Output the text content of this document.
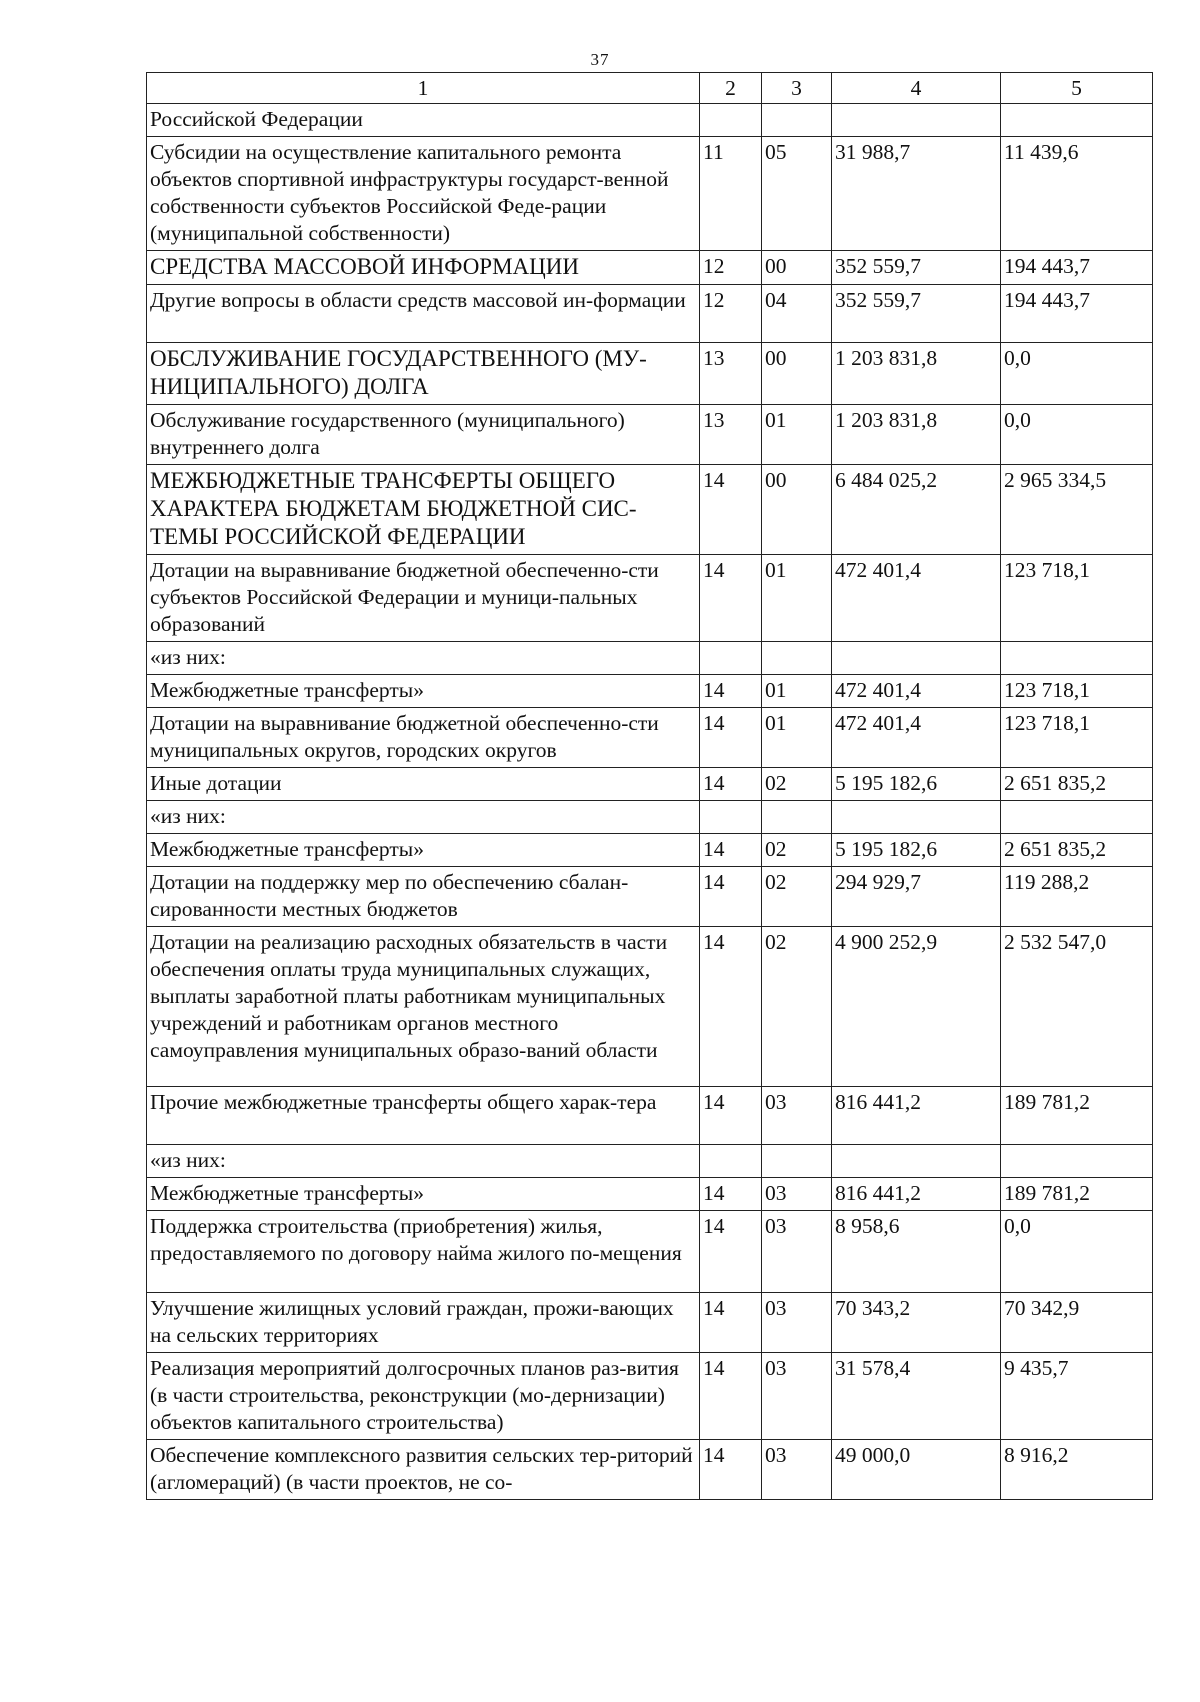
37
1	2	3	4	5
Российской Федерации				
Субсидии на осуществление капитального ремонта объектов спортивной инфраструктуры государст-венной собственности субъектов Российской Феде-рации (муниципальной собственности)	11	05	31 988,7	11 439,6
СРЕДСТВА МАССОВОЙ ИНФОРМАЦИИ	12	00	352 559,7	194 443,7
Другие вопросы в области средств массовой ин-формации	12	04	352 559,7	194 443,7
ОБСЛУЖИВАНИЕ ГОСУДАРСТВЕННОГО (МУ-НИЦИПАЛЬНОГО) ДОЛГА	13	00	1 203 831,8	0,0
Обслуживание государственного (муниципального) внутреннего долга	13	01	1 203 831,8	0,0
МЕЖБЮДЖЕТНЫЕ ТРАНСФЕРТЫ ОБЩЕГО ХАРАКТЕРА БЮДЖЕТАМ БЮДЖЕТНОЙ СИС-ТЕМЫ РОССИЙСКОЙ ФЕДЕРАЦИИ	14	00	6 484 025,2	2 965 334,5
Дотации на выравнивание бюджетной обеспеченно-сти субъектов Российской Федерации и муници-пальных образований	14	01	472 401,4	123 718,1
«из них:				
Межбюджетные трансферты»	14	01	472 401,4	123 718,1
Дотации на выравнивание бюджетной обеспеченно-сти муниципальных округов, городских округов	14	01	472 401,4	123 718,1
Иные дотации	14	02	5 195 182,6	2 651 835,2
«из них:				
Межбюджетные трансферты»	14	02	5 195 182,6	2 651 835,2
Дотации на поддержку мер по обеспечению сбалан-сированности местных бюджетов	14	02	294 929,7	119 288,2
Дотации на реализацию расходных обязательств в части обеспечения оплаты труда муниципальных служащих, выплаты заработной платы работникам муниципальных учреждений и работникам органов местного самоуправления муниципальных образо-ваний области	14	02	4 900 252,9	2 532 547,0
Прочие межбюджетные трансферты общего харак-тера	14	03	816 441,2	189 781,2
«из них:				
Межбюджетные трансферты»	14	03	816 441,2	189 781,2
Поддержка строительства (приобретения) жилья, предоставляемого по договору найма жилого по-мещения	14	03	8 958,6	0,0
Улучшение жилищных условий граждан, прожи-вающих на сельских территориях	14	03	70 343,2	70 342,9
Реализация мероприятий долгосрочных планов раз-вития (в части строительства, реконструкции (мо-дернизации) объектов капитального строительства)	14	03	31 578,4	9 435,7
Обеспечение комплексного развития сельских тер-риторий (агломераций) (в части проектов, не со-	14	03	49 000,0	8 916,2
